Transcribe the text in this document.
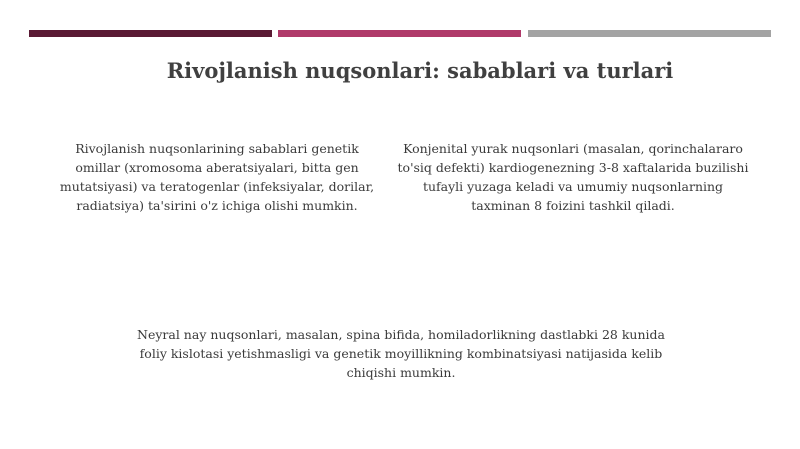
Rivojlanish nuqsonlari: sabablari va turlari

Rivojlanish nuqsonlarining sabablari genetik omillar (xromosoma aberatsiyalari, bitta gen mutatsiyasi) va teratogenlar (infeksiyalar, dorilar, radiatsiya) ta'sirini o'z ichiga olishi mumkin.

Konjenital yurak nuqsonlari (masalan, qorinchalararo to'siq defekti) kardiogenezning 3-8 xaftalarida buzilishi tufayli yuzaga keladi va umumiy nuqsonlarning taxminan 8 foizini tashkil qiladi.

Neyral nay nuqsonlari, masalan, spina bifida, homiladorlikning dastlabki 28 kunida foliy kislotasi yetishmasligi va genetik moyillikning kombinatsiyasi natijasida kelib chiqishi mumkin.
